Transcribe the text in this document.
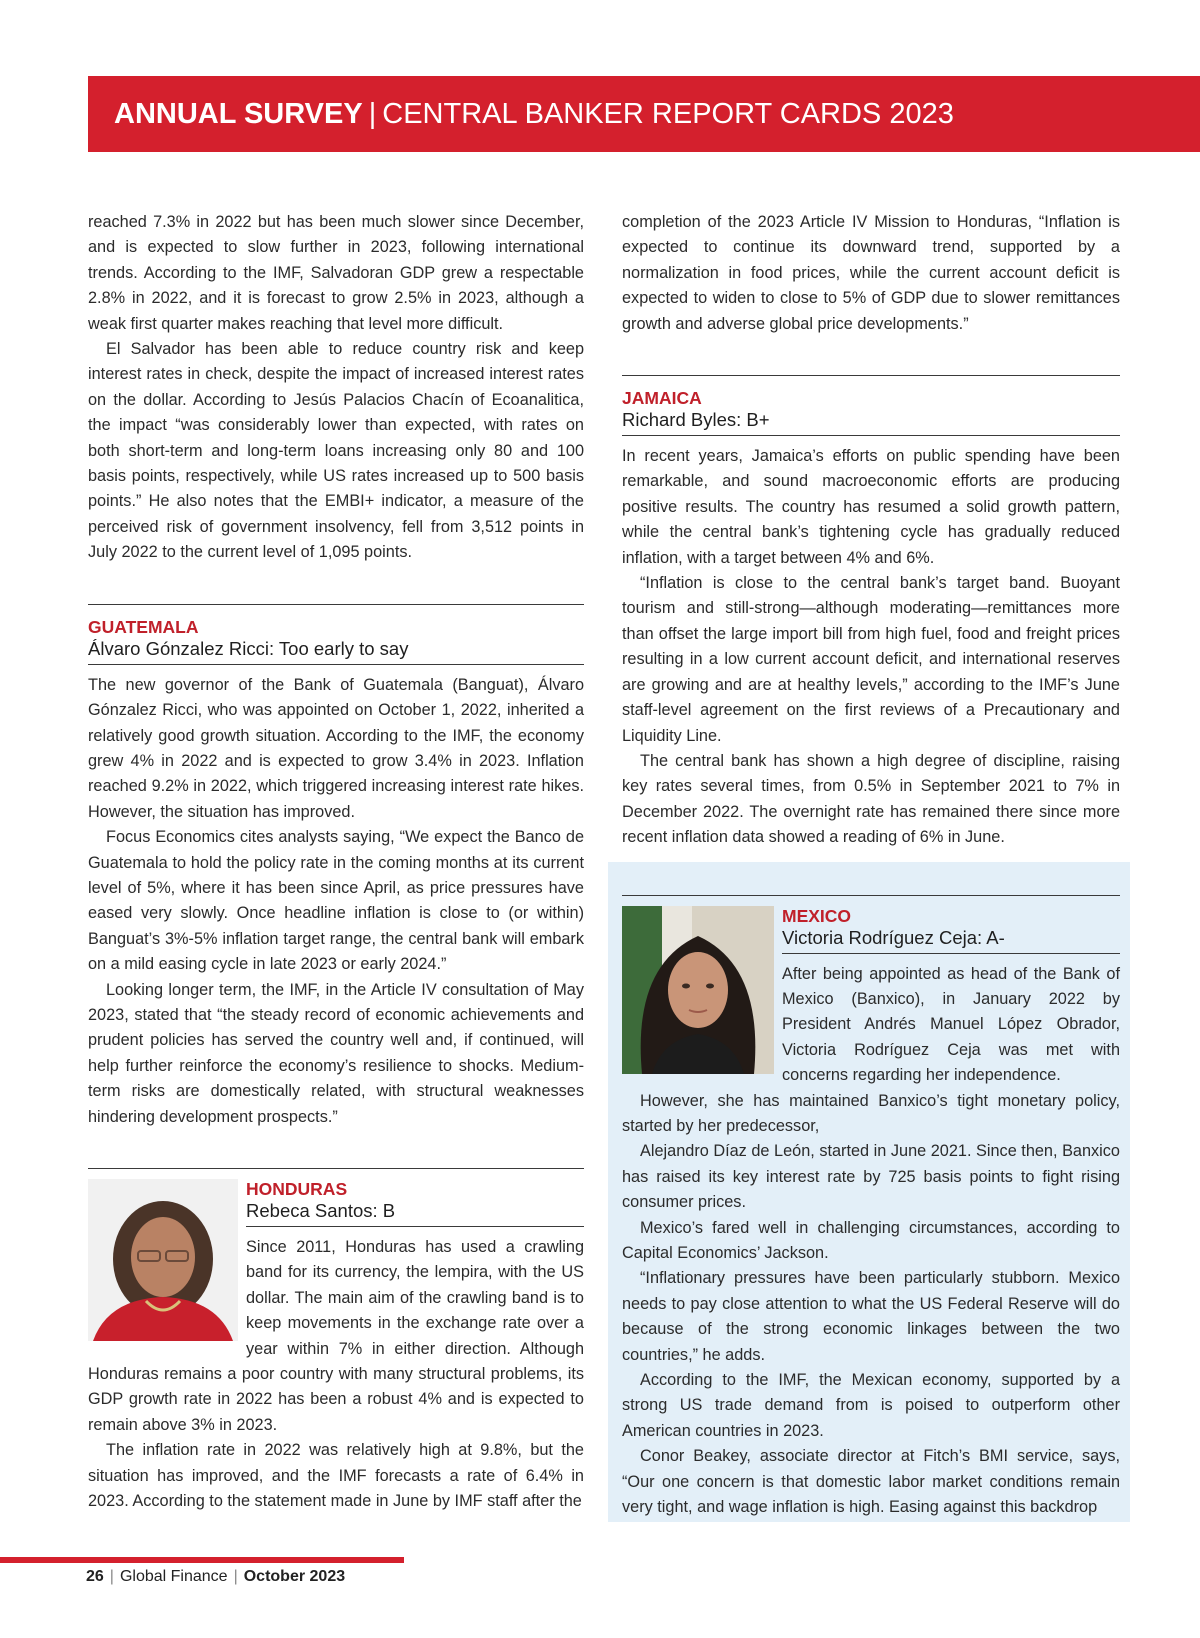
ANNUAL SURVEY | CENTRAL BANKER REPORT CARDS 2023

reached 7.3% in 2022 but has been much slower since December, and is expected to slow further in 2023, following international trends. According to the IMF, Salvadoran GDP grew a respectable 2.8% in 2022, and it is forecast to grow 2.5% in 2023, although a weak first quarter makes reaching that level more difficult.

El Salvador has been able to reduce country risk and keep interest rates in check, despite the impact of increased interest rates on the dollar. According to Jesús Palacios Chacín of Ecoanalitica, the impact “was considerably lower than expected, with rates on both short-term and long-term loans increasing only 80 and 100 basis points, respectively, while US rates increased up to 500 basis points.” He also notes that the EMBI+ indicator, a measure of the perceived risk of government insolvency, fell from 3,512 points in July 2022 to the current level of 1,095 points.

GUATEMALA
Álvaro Gónzalez Ricci: Too early to say

The new governor of the Bank of Guatemala (Banguat), Álvaro Gónzalez Ricci, who was appointed on October 1, 2022, inherited a relatively good growth situation. According to the IMF, the economy grew 4% in 2022 and is expected to grow 3.4% in 2023. Inflation reached 9.2% in 2022, which triggered increasing interest rate hikes. However, the situation has improved.

Focus Economics cites analysts saying, “We expect the Banco de Guatemala to hold the policy rate in the coming months at its current level of 5%, where it has been since April, as price pressures have eased very slowly. Once headline inflation is close to (or within) Banguat’s 3%-5% inflation target range, the central bank will embark on a mild easing cycle in late 2023 or early 2024.”

Looking longer term, the IMF, in the Article IV consultation of May 2023, stated that “the steady record of economic achievements and prudent policies has served the country well and, if continued, will help further reinforce the economy’s resilience to shocks. Medium-term risks are domestically related, with structural weaknesses hindering development prospects.”

HONDURAS
Rebeca Santos: B

Since 2011, Honduras has used a crawling band for its currency, the lempira, with the US dollar. The main aim of the crawling band is to keep movements in the exchange rate over a year within 7% in either direction. Although Honduras remains a poor country with many structural problems, its GDP growth rate in 2022 has been a robust 4% and is expected to remain above 3% in 2023.

The inflation rate in 2022 was relatively high at 9.8%, but the situation has improved, and the IMF forecasts a rate of 6.4% in 2023. According to the statement made in June by IMF staff after the

completion of the 2023 Article IV Mission to Honduras, “Inflation is expected to continue its downward trend, supported by a normalization in food prices, while the current account deficit is expected to widen to close to 5% of GDP due to slower remittances growth and adverse global price developments.”

JAMAICA
Richard Byles: B+

In recent years, Jamaica’s efforts on public spending have been remarkable, and sound macroeconomic efforts are producing positive results. The country has resumed a solid growth pattern, while the central bank’s tightening cycle has gradually reduced inflation, with a target between 4% and 6%.

“Inflation is close to the central bank’s target band. Buoyant tourism and still-strong—although moderating—remittances more than offset the large import bill from high fuel, food and freight prices resulting in a low current account deficit, and international reserves are growing and are at healthy levels,” according to the IMF’s June staff-level agreement on the first reviews of a Precautionary and Liquidity Line.

The central bank has shown a high degree of discipline, raising key rates several times, from 0.5% in September 2021 to 7% in December 2022. The overnight rate has remained there since more recent inflation data showed a reading of 6% in June.

MEXICO
Victoria Rodríguez Ceja: A-

After being appointed as head of the Bank of Mexico (Banxico), in January 2022 by President Andrés Manuel López Obrador, Victoria Rodríguez Ceja was met with concerns regarding her independence.

However, she has maintained Banxico’s tight monetary policy, started by her predecessor,

Alejandro Díaz de León, started in June 2021. Since then, Banxico has raised its key interest rate by 725 basis points to fight rising consumer prices.

Mexico’s fared well in challenging circumstances, according to Capital Economics’ Jackson.

“Inflationary pressures have been particularly stubborn. Mexico needs to pay close attention to what the US Federal Reserve will do because of the strong economic linkages between the two countries,” he adds.

According to the IMF, the Mexican economy, supported by a strong US trade demand from is poised to outperform other American countries in 2023.

Conor Beakey, associate director at Fitch’s BMI service, says, “Our one concern is that domestic labor market conditions remain very tight, and wage inflation is high. Easing against this backdrop

26 | Global Finance | October 2023
